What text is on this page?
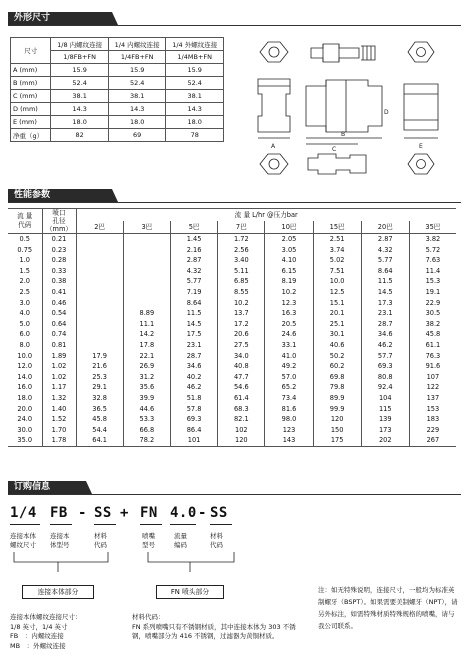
外形尺寸
尺寸	1/8 内螺纹连接	1/4 内螺纹连接	1/4 外螺纹连接
	1/8FB+FN	1/4FB+FN	1/4MB+FN
A (mm)	15.9	15.9	15.9
B (mm)	52.4	52.4	52.4
C (mm)	38.1	38.1	38.1
D (mm)	14.3	14.3	14.3
E (mm)	18.0	18.0	18.0
净重（g）	82	69	78
A
B
C	E
D
性能参数
流 量
代码	喷口
孔径
（mm）	流 量 L/hr @压力bar							
		2巴	3巴	5巴	7巴	10巴	15巴	20巴	35巴
0.5	0.21			1.45	1.72	2.05	2.51	2.87	3.82
0.75	0.23			2.16	2.56	3.05	3.74	4.32	5.72
1.0	0.28			2.87	3.40	4.10	5.02	5.77	7.63
1.5	0.33			4.32	5.11	6.15	7.51	8.64	11.4
2.0	0.38			5.77	6.85	8.19	10.0	11.5	15.3
2.5	0.41			7.19	8.55	10.2	12.5	14.5	19.1
3.0	0.46			8.64	10.2	12.3	15.1	17.3	22.9
4.0	0.54		8.89	11.5	13.7	16.3	20.1	23.1	30.5
5.0	0.64		11.1	14.5	17.2	20.5	25.1	28.7	38.2
6.0	0.74		14.2	17.5	20.6	24.6	30.1	34.6	45.8
8.0	0.81		17.8	23.1	27.5	33.1	40.6	46.2	61.1
10.0	1.89	17.9	22.1	28.7	34.0	41.0	50.2	57.7	76.3
12.0	1.02	21.6	26.9	34.6	40.8	49.2	60.2	69.3	91.6
14.0	1.02	25.3	31.2	40.2	47.7	57.0	69.8	80.8	107
16.0	1.17	29.1	35.6	46.2	54.6	65.2	79.8	92.4	122
18.0	1.32	32.8	39.9	51.8	61.4	73.4	89.9	104	137
20.0	1.40	36.5	44.6	57.8	68.3	81.6	99.9	115	153
24.0	1.52	45.8	53.3	69.3	82.1	98.0	120	139	183
30.0	1.70	54.4	66.8	86.4	102	123	150	173	229
35.0	1.78	64.1	78.2	101	120	143	175	202	267
订购信息
1/4 FB - SS + FN 4.0 - SS
连接本体
螺纹尺寸
连接本
体型号
材料
代码
喷嘴
型号
流量
编码
材料
代码
连接本体部分	FN 喷头部分
连接本体螺纹连接尺寸：
1/8 英寸，1/4 英寸
FB　：内螺纹连接
MB　：外螺纹连接
材料代码：
FN 系列喷嘴只有不锈钢材质，其中连接本体为 303 不锈钢，喷嘴部分为 416 不锈钢，过滤器为黄铜材质。
注：如无特殊说明，连接尺寸，一般均为标准英制螺牙（BSPT）。如果需要美制螺牙（NPT），请另外标注，如需特殊材质特殊规格的喷嘴，请与我公司联系。
